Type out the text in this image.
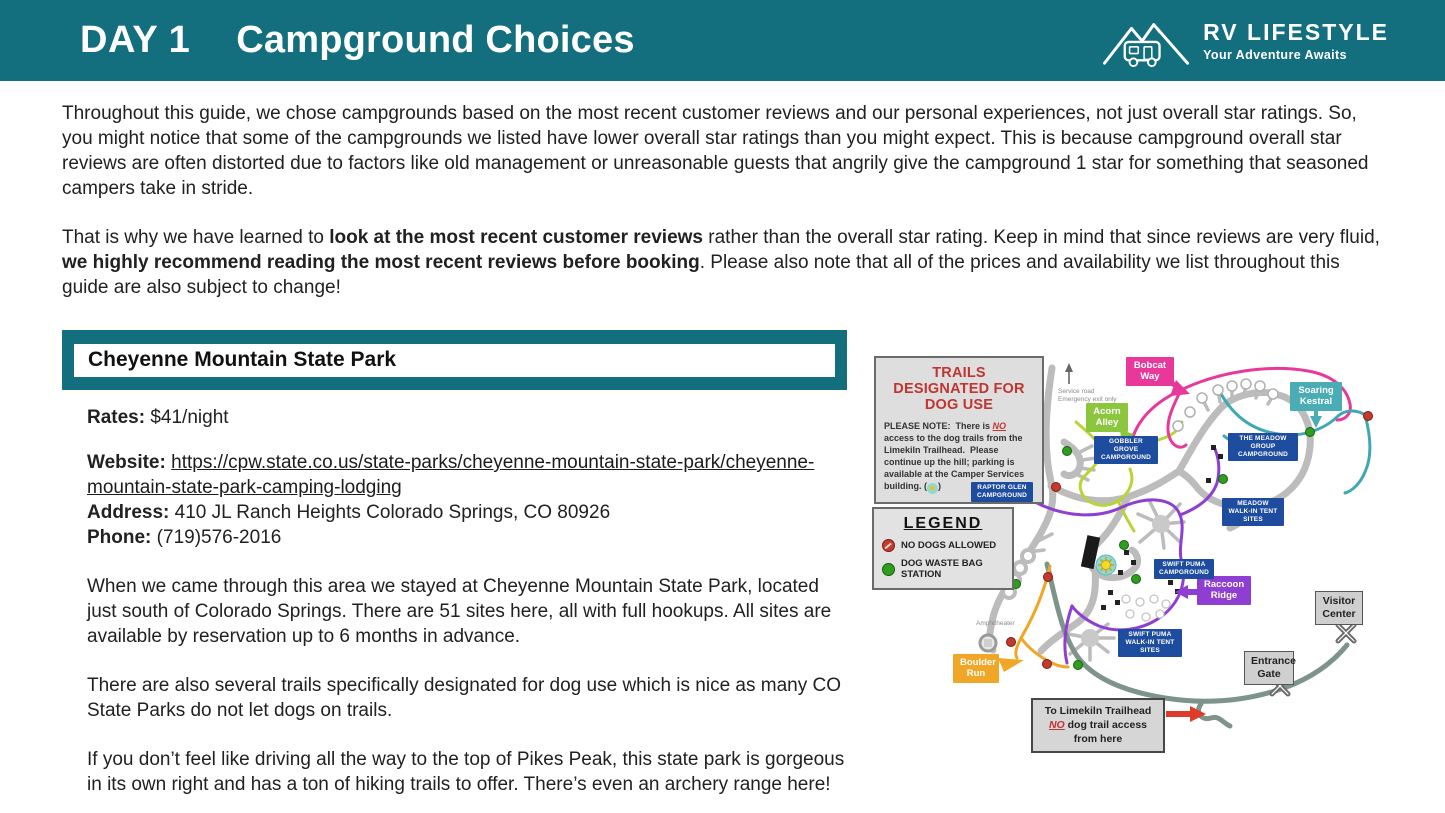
DAY 1 Campground Choices	RV LIFESTYLE
Your Adventure Awaits

Throughout this guide, we chose campgrounds based on the most recent customer reviews and our personal experiences, not just overall star ratings. So, you might notice that some of the campgrounds we listed have lower overall star ratings than you might expect. This is because campground overall star reviews are often distorted due to factors like old management or unreasonable guests that angrily give the campground 1 star for something that seasoned campers take in stride.

That is why we have learned to look at the most recent customer reviews rather than the overall star rating. Keep in mind that since reviews are very fluid, we highly recommend reading the most recent reviews before booking. Please also note that all of the prices and availability we list throughout this guide are also subject to change!

Cheyenne Mountain State Park

Rates: $41/night

Website: https://cpw.state.co.us/state-parks/cheyenne-mountain-state-park/cheyenne-mountain-state-park-camping-lodging

Address: 410 JL Ranch Heights Colorado Springs, CO 80926

Phone: (719)576-2016

When we came through this area we stayed at Cheyenne Mountain State Park, located just south of Colorado Springs. There are 51 sites here, all with full hookups. All sites are available by reservation up to 6 months in advance.

There are also several trails specifically designated for dog use which is nice as many CO State Parks do not let dogs on trails.

If you don’t feel like driving all the way to the top of Pikes Peak, this state park is gorgeous in its own right and has a ton of hiking trails to offer. There’s even an archery range here!

TRAILS DESIGNATED FOR DOG USE
PLEASE NOTE:  There is NO access to the dog trails from the Limekiln Trailhead.  Please continue up the hill; parking is available at the Camper Services building. ( ✹ )
LEGEND
NO DOGS ALLOWED
DOG WASTE BAG STATION
Bobcat Way
Soaring Kestral
Acorn Alley
Raccoon Ridge
Boulder Run
GOBBLER GROVE CAMPGROUND
THE MEADOW GROUP CAMPGROUND
RAPTOR GLEN CAMPGROUND
MEADOW WALK-IN TENT SITES
SWIFT PUMA CAMPGROUND
SWIFT PUMA WALK-IN TENT SITES
Visitor Center
Entrance Gate
To Limekiln Trailhead
NO dog trail access from here
Amphitheater
Service road
Emergency exit only
